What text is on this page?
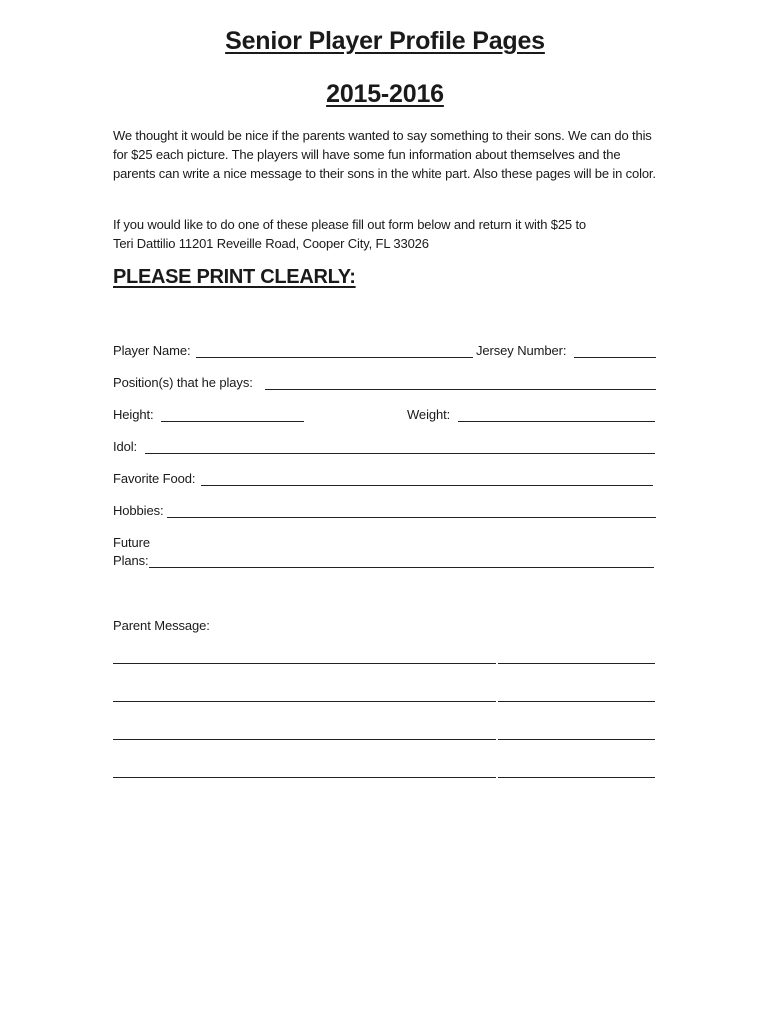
Senior Player Profile Pages
2015-2016
We thought it would be nice if the parents wanted to say something to their sons. We can do this for $25 each picture. The players will have some fun information about themselves and the parents can write a nice message to their sons in the white part. Also these pages will be in color.
If you would like to do one of these please fill out form below and return it with $25 to
Teri Dattilio 11201 Reveille Road, Cooper City, FL 33026
PLEASE PRINT CLEARLY:
Player Name:	Jersey Number:
Position(s) that he plays:
Height:	Weight:
Idol:
Favorite Food:
Hobbies:
Future
Plans:
Parent Message:
